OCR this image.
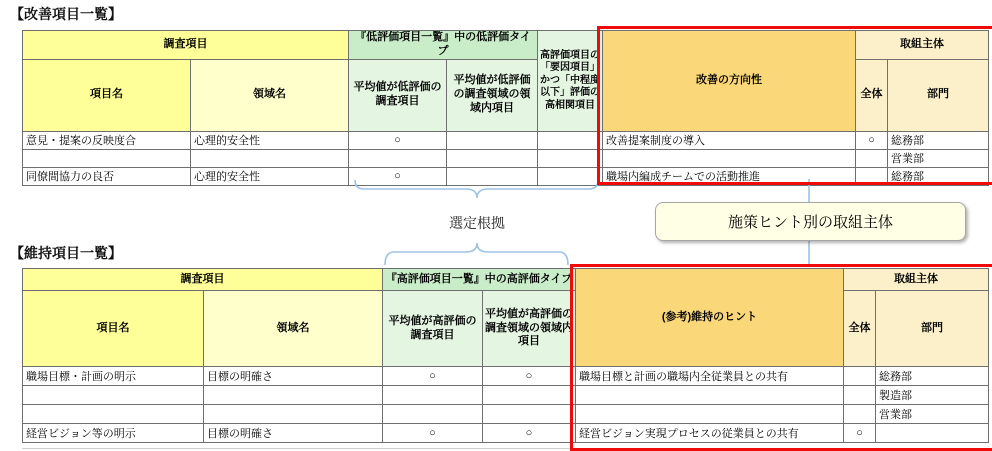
【改善項目一覧】
調査項目		『低評価項目一覧』中の低評価タイプ		高評価項目の「要因項目」かつ「中程度以下」評価の高相関項目	改善の方向性	取組主体	
項目名	領域名	平均値が低評価の調査項目	平均値が低評価の調査領域の領域内項目			全体	部門
意見・提案の反映度合	心理的安全性	○			改善提案制度の導入	○	総務部
							営業部
同僚間協力の良否	心理的安全性	○			職場内編成チームでの活動推進		総務部
【維持項目一覧】
調査項目		『高評価項目一覧』中の高評価タイプ		(参考)維持のヒント	取組主体	
項目名	領域名	平均値が高評価の調査項目	平均値が高評価の調査領域の領域内項目		全体	部門
職場目標・計画の明示	目標の明確さ	○	○	職場目標と計画の職場内全従業員との共有		総務部
						製造部
						営業部
経営ビジョン等の明示	目標の明確さ	○	○	経営ビジョン実現プロセスの従業員との共有	○	
選定根拠	施策ヒント別の取組主体
